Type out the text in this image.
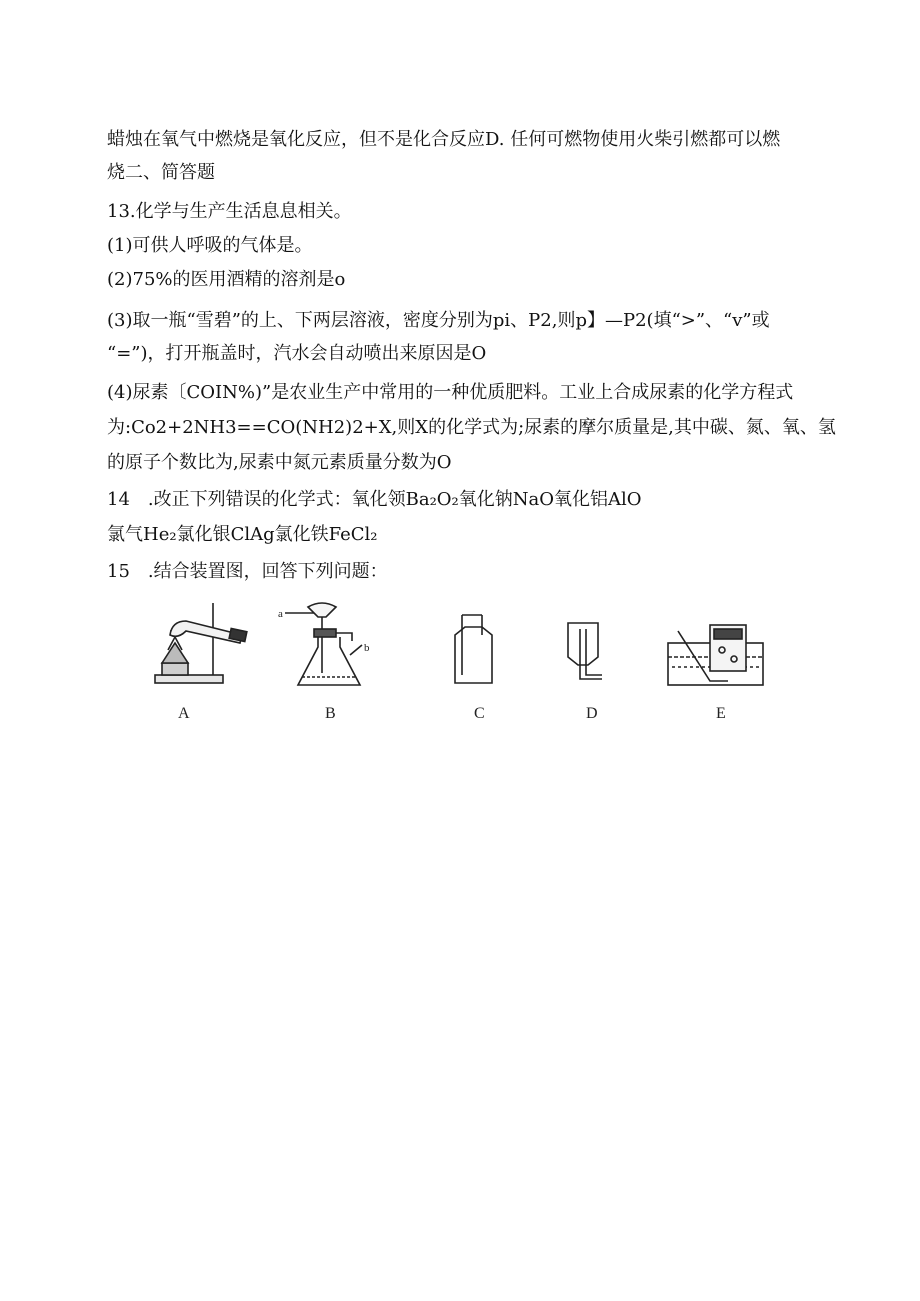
蜡烛在氧气中燃烧是氧化反应，但不是化合反应D. 任何可燃物使用火柴引燃都可以燃
烧二、简答题
13.化学与生产生活息息相关。
(1)可供人呼吸的气体是。
(2)75%的医用酒精的溶剂是o
(3)取一瓶“雪碧”的上、下两层溶液，密度分别为pi、P2,则p】—P2(填“>”、“v”或
“=”)，打开瓶盖时，汽水会自动喷出来原因是O
(4)尿素〔COIN%)”是农业生产中常用的一种优质肥料。工业上合成尿素的化学方程式
为:Co2+2NH3==CO(NH2)2+X,则X的化学式为;尿素的摩尔质量是,其中碳、氮、氧、氢
的原子个数比为,尿素中氮元素质量分数为O
14　.改正下列错误的化学式：氧化领Ba₂O₂氧化钠NaO氧化铝AlO
氯气He₂氯化银ClAg氯化铁FeCl₂
15　.结合装置图，回答下列问题：
a
b
A	B	C	D	E
